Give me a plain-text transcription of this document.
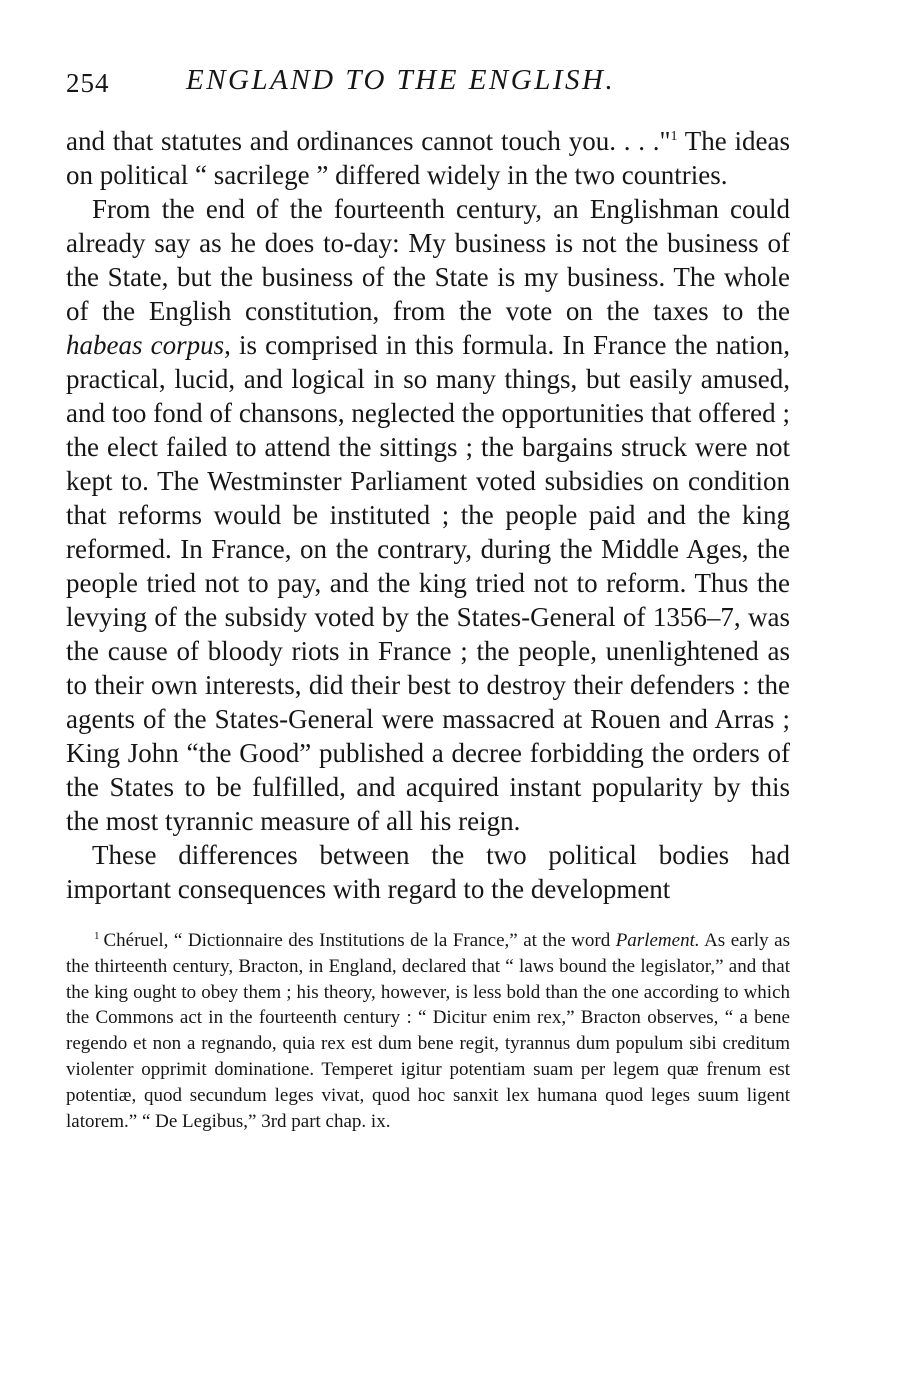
254	ENGLAND TO THE ENGLISH.

and that statutes and ordinances cannot touch you. . . ."$^1$ The ideas on political “ sacrilege ” differed widely in the two countries.

From the end of the fourteenth century, an Englishman could already say as he does to-day: My business is not the business of the State, but the business of the State is my business. The whole of the English constitution, from the vote on the taxes to the habeas corpus, is comprised in this formula. In France the nation, practical, lucid, and logical in so many things, but easily amused, and too fond of chansons, neglected the opportunities that offered ; the elect failed to attend the sittings ; the bargains struck were not kept to. The Westminster Parliament voted subsidies on condition that reforms would be instituted ; the people paid and the king reformed. In France, on the contrary, during the Middle Ages, the people tried not to pay, and the king tried not to reform. Thus the levying of the subsidy voted by the States-General of 1356–7, was the cause of bloody riots in France ; the people, unenlightened as to their own interests, did their best to destroy their defenders : the agents of the States-General were massacred at Rouen and Arras ; King John “the Good” published a decree forbidding the orders of the States to be fulfilled, and acquired instant popularity by this the most tyrannic measure of all his reign.

These differences between the two political bodies had important consequences with regard to the development

$^1$ Chéruel, “ Dictionnaire des Institutions de la France,” at the word Parlement. As early as the thirteenth century, Bracton, in England, declared that “ laws bound the legislator,” and that the king ought to obey them ; his theory, however, is less bold than the one according to which the Commons act in the fourteenth century : “ Dicitur enim rex,” Bracton observes, “ a bene regendo et non a regnando, quia rex est dum bene regit, tyrannus dum populum sibi creditum violenter opprimit dominatione. Temperet igitur potentiam suam per legem quæ frenum est potentiæ, quod secundum leges vivat, quod hoc sanxit lex humana quod leges suum ligent latorem.” “ De Legibus,” 3rd part chap. ix.
